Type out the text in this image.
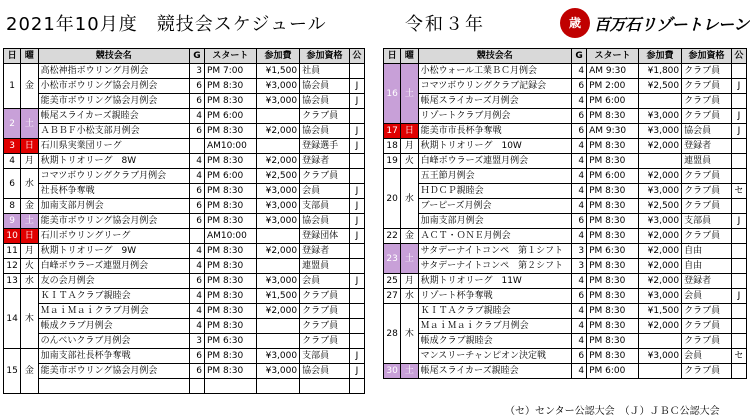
2021年10月度　競技会スケジュール	令和３年	歳 百万石リゾートレーン
日	曜	競技会名	G	スタート	参加費	参加資格	公
1	金	高松神指ボウリング月例会	3	PM 7:00	¥1,500	社員	
		小松市ボウリング協会月例会	6	PM 8:30	¥3,000	協会員	J
		能美市ボウリング協会月例会	6	PM 8:30	¥3,000	協会員	J
2	土	帳尾スライカーズ親睦会	4	PM 6:00		クラブ員	
		ＡＢＢＦ小松支部月例会	6	PM 8:30	¥2,000	協会員	J
3	日	石川県実業団リーグ		AM10:00		登録選手	J
4	月	秋期トリオリーグ　8W	4	PM 8:30	¥2,000	登録者	
6	水	コマツボウリングクラブ月例会	4	PM 6:00	¥2,500	クラブ員	
		社長杯争奪戦	6	PM 8:30	¥3,000	会員	J
8	金	加南支部月例会	6	PM 8:30	¥3,000	支部員	J
9	土	能美市ボウリング協会月例会	6	PM 8:30	¥3,000	協会員	J
10	日	石川ボウリングリーグ		AM10:00		登録団体	J
11	月	秋期トリオリーグ　9W	4	PM 8:30	¥2,000	登録者	
12	火	白峰ボウラーズ連盟月例会	4	PM 8:30		連盟員	
13	水	友の会月例会	6	PM 8:30	¥3,000	会員	J
14	木	ＫＩＴＡクラブ親睦会	4	PM 8:30	¥1,500	クラブ員	
		ＭａｉＭａｉクラブ月例会	4	PM 8:30	¥2,000	クラブ員	
		帳成クラブ月例会	4	PM 8:30		クラブ員	
		のんべいクラブ月例会	3	PM 6:30		クラブ員	
15	金	加南支部社長杯争奪戦	6	PM 8:30	¥3,000	支部員	J
		能美市ボウリング協会月例会	6	PM 8:30	¥3,000	協会員	J

日	曜	競技会名	G	スタート	参加費	参加資格	公
16	土	小松ウォール工業ＢＣ月例会	4	AM 9:30	¥1,800	クラブ員	
		コマツボウリングクラブ記録会	6	PM 2:00	¥2,500	クラブ員	J
		帳尾スライカーズ月例会	4	PM 6:00		クラブ員	
		リゾートクラブ月例会	6	PM 8:30	¥3,000	クラブ員	J
17	日	能美市市長杯争奪戦	6	AM 9:30	¥3,000	協会員	J
18	月	秋期トリオリーグ　10W	4	PM 8:30	¥2,000	登録者	
19	火	白峰ボウラーズ連盟月例会	4	PM 8:30		連盟員	
20	水	五王節月例会	4	PM 6:00	¥2,000	クラブ員	
		ＨＤＣＰ親睦会	4	PM 8:30	¥3,000	クラブ員	セ
		ブーピーズ月例会	4	PM 8:30	¥2,500	クラブ員	
		加南支部月例会	6	PM 8:30	¥3,000	支部員	J
22	金	ＡＣＴ・ＯＮＥ月例会	4	PM 8:30	¥2,000	クラブ員	
23	土	サタデーナイトコンペ　第１シフト	3	PM 6:30	¥2,000	自由	
		サタデーナイトコンペ　第２シフト	3	PM 8:30	¥2,000	自由	
25	月	秋期トリオリーグ　11W	4	PM 8:30	¥2,000	登録者	
27	水	リゾート杯争奪戦	6	PM 8:30	¥3,000	会員	J
28	木	ＫＩＴＡクラブ親睦会	4	PM 8:30	¥1,500	クラブ員	
		ＭａｉＭａｉクラブ月例会	4	PM 8:30	¥2,000	クラブ員	
		帳成クラブ親睦会	4	PM 8:30		クラブ員	
		マンスリーチャンピオン決定戦	6	PM 8:30	¥3,000	会員	セ
30	土	帳尾スライカーズ親睦会	4	PM 6:00		クラブ員	
（セ）センター公認大会　（Ｊ）ＪＢＣ公認大会
